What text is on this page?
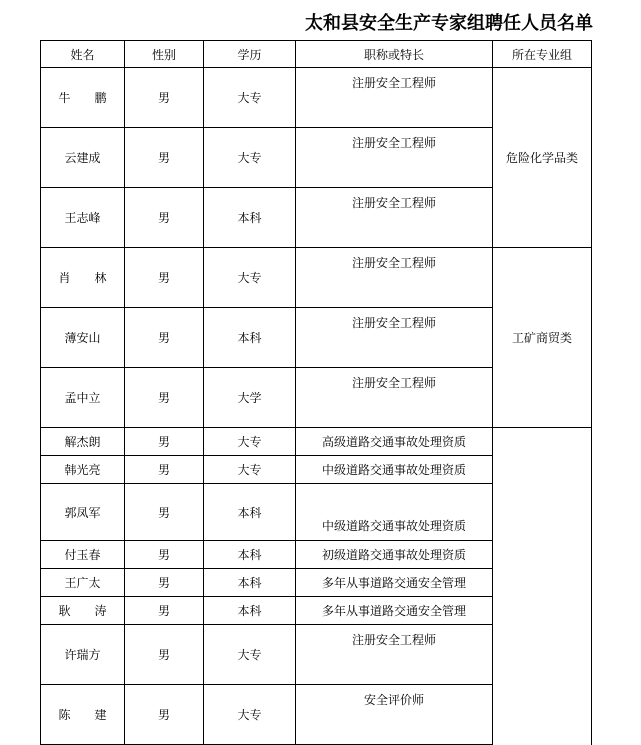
太和县安全生产专家组聘任人员名单
姓名	性别	学历	职称或特长	所在专业组
牛　　鹏	男	大专	注册安全工程师	危险化学品类
云建成	男	大专	注册安全工程师	
王志峰	男	本科	注册安全工程师	
肖　　林	男	大专	注册安全工程师	工矿商贸类
薄安山	男	本科	注册安全工程师	
孟中立	男	大学	注册安全工程师	
解杰朗	男	大专	高级道路交通事故处理资质	
韩光亮	男	大专	中级道路交通事故处理资质	
郭凤军	男	本科	中级道路交通事故处理资质	
付玉春	男	本科	初级道路交通事故处理资质	
王广太	男	本科	多年从事道路交通安全管理	
耿　　涛	男	本科	多年从事道路交通安全管理	
许瑞方	男	大专	注册安全工程师	
陈　　建	男	大专	安全评价师	
